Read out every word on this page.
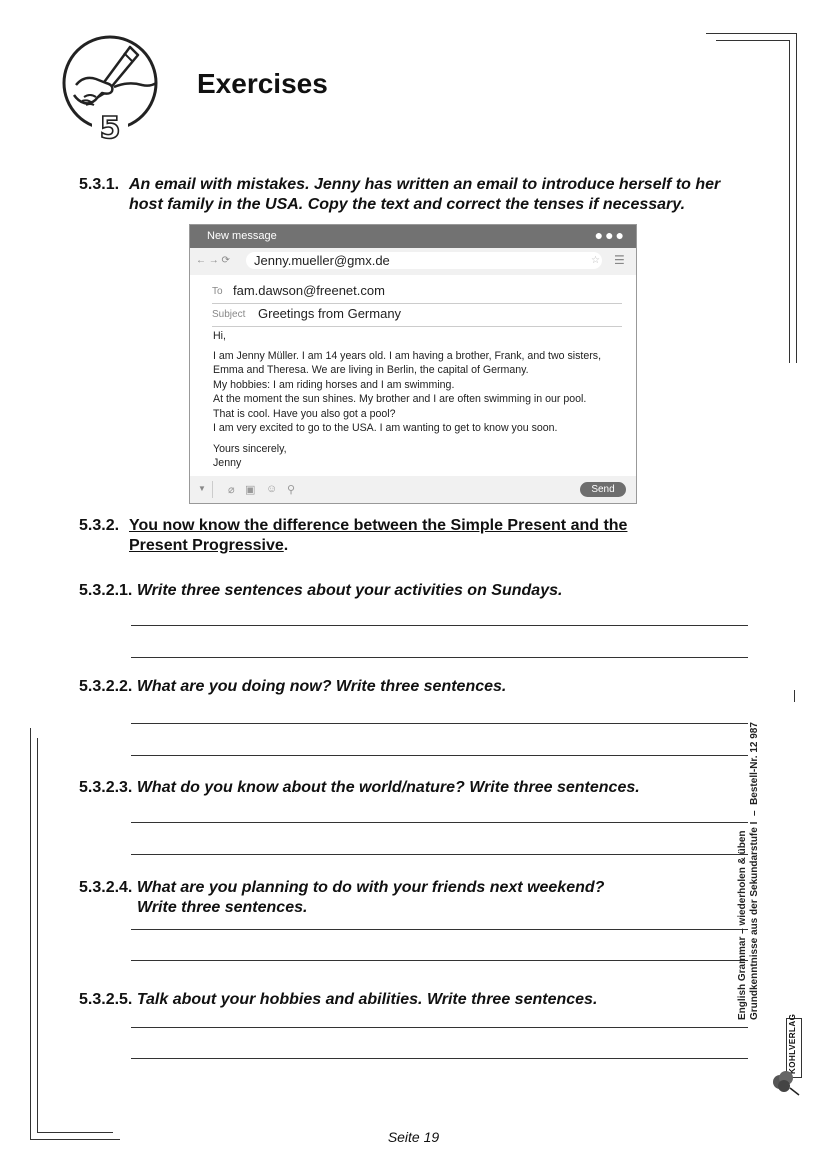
5
Exercises
5.3.1. An email with mistakes. Jenny has written an email to introduce herself to her
host family in the USA. Copy the text and correct the tenses if necessary.
New message	●●●
← → ⟳	Jenny.mueller@gmx.de	☆ ☰
To fam.dawson@freenet.com
Subject Greetings from Germany

Hi,

I am Jenny Müller. I am 14 years old. I am having a brother, Frank, and two sisters,

Emma and Theresa. We are living in Berlin, the capital of Germany.

My hobbies: I am riding horses and I am swimming.

At the moment the sun shines. My brother and I are often swimming in our pool.

That is cool. Have you also got a pool?

I am very excited to go to the USA. I am wanting to get to know you soon.

Yours sincerely,

Jenny

▼ ⌀ ▣ ☺ ⚲	Send
5.3.2. You now know the difference between the Simple Present and the
Present Progressive.
5.3.2.1. Write three sentences about your activities on Sundays.
5.3.2.2. What are you doing now? Write three sentences.
5.3.2.3. What do you know about the world/nature? Write three sentences.
5.3.2.4. What are you planning to do with your friends next weekend?
Write three sentences.
5.3.2.5. Talk about your hobbies and abilities. Write three sentences.	English Grammar – wiederholen & üben Grundkenntnisse aus der Sekundarstufe I  –  Bestell-Nr. 12 987
KOHLVERLAG
Seite 19
